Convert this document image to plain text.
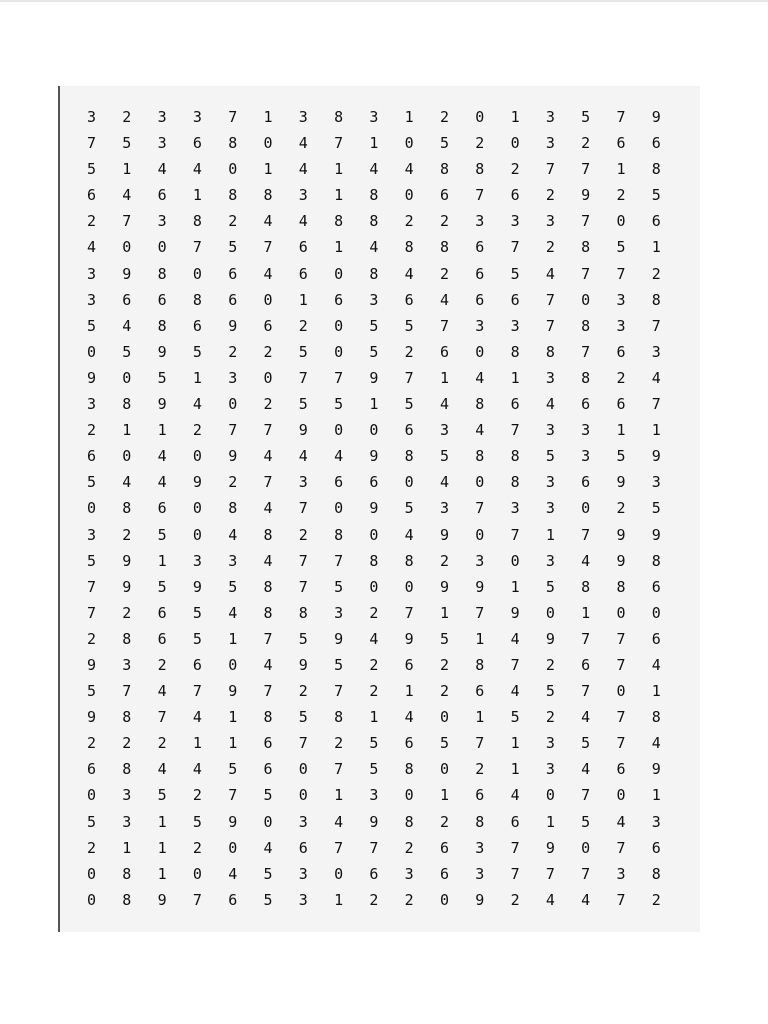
3	2	3	3	7	1	3	8	3	1	2	0	1	3	5	7	9
7	5	3	6	8	0	4	7	1	0	5	2	0	3	2	6	6
5	1	4	4	0	1	4	1	4	4	8	8	2	7	7	1	8
6	4	6	1	8	8	3	1	8	0	6	7	6	2	9	2	5
2	7	3	8	2	4	4	8	8	2	2	3	3	3	7	0	6
4	0	0	7	5	7	6	1	4	8	8	6	7	2	8	5	1
3	9	8	0	6	4	6	0	8	4	2	6	5	4	7	7	2
3	6	6	8	6	0	1	6	3	6	4	6	6	7	0	3	8
5	4	8	6	9	6	2	0	5	5	7	3	3	7	8	3	7
0	5	9	5	2	2	5	0	5	2	6	0	8	8	7	6	3
9	0	5	1	3	0	7	7	9	7	1	4	1	3	8	2	4
3	8	9	4	0	2	5	5	1	5	4	8	6	4	6	6	7
2	1	1	2	7	7	9	0	0	6	3	4	7	3	3	1	1
6	0	4	0	9	4	4	4	9	8	5	8	8	5	3	5	9
5	4	4	9	2	7	3	6	6	0	4	0	8	3	6	9	3
0	8	6	0	8	4	7	0	9	5	3	7	3	3	0	2	5
3	2	5	0	4	8	2	8	0	4	9	0	7	1	7	9	9
5	9	1	3	3	4	7	7	8	8	2	3	0	3	4	9	8
7	9	5	9	5	8	7	5	0	0	9	9	1	5	8	8	6
7	2	6	5	4	8	8	3	2	7	1	7	9	0	1	0	0
2	8	6	5	1	7	5	9	4	9	5	1	4	9	7	7	6
9	3	2	6	0	4	9	5	2	6	2	8	7	2	6	7	4
5	7	4	7	9	7	2	7	2	1	2	6	4	5	7	0	1
9	8	7	4	1	8	5	8	1	4	0	1	5	2	4	7	8
2	2	2	1	1	6	7	2	5	6	5	7	1	3	5	7	4
6	8	4	4	5	6	0	7	5	8	0	2	1	3	4	6	9
0	3	5	2	7	5	0	1	3	0	1	6	4	0	7	0	1
5	3	1	5	9	0	3	4	9	8	2	8	6	1	5	4	3
2	1	1	2	0	4	6	7	7	2	6	3	7	9	0	7	6
0	8	1	0	4	5	3	0	6	3	6	3	7	7	7	3	8
0	8	9	7	6	5	3	1	2	2	0	9	2	4	4	7	2
